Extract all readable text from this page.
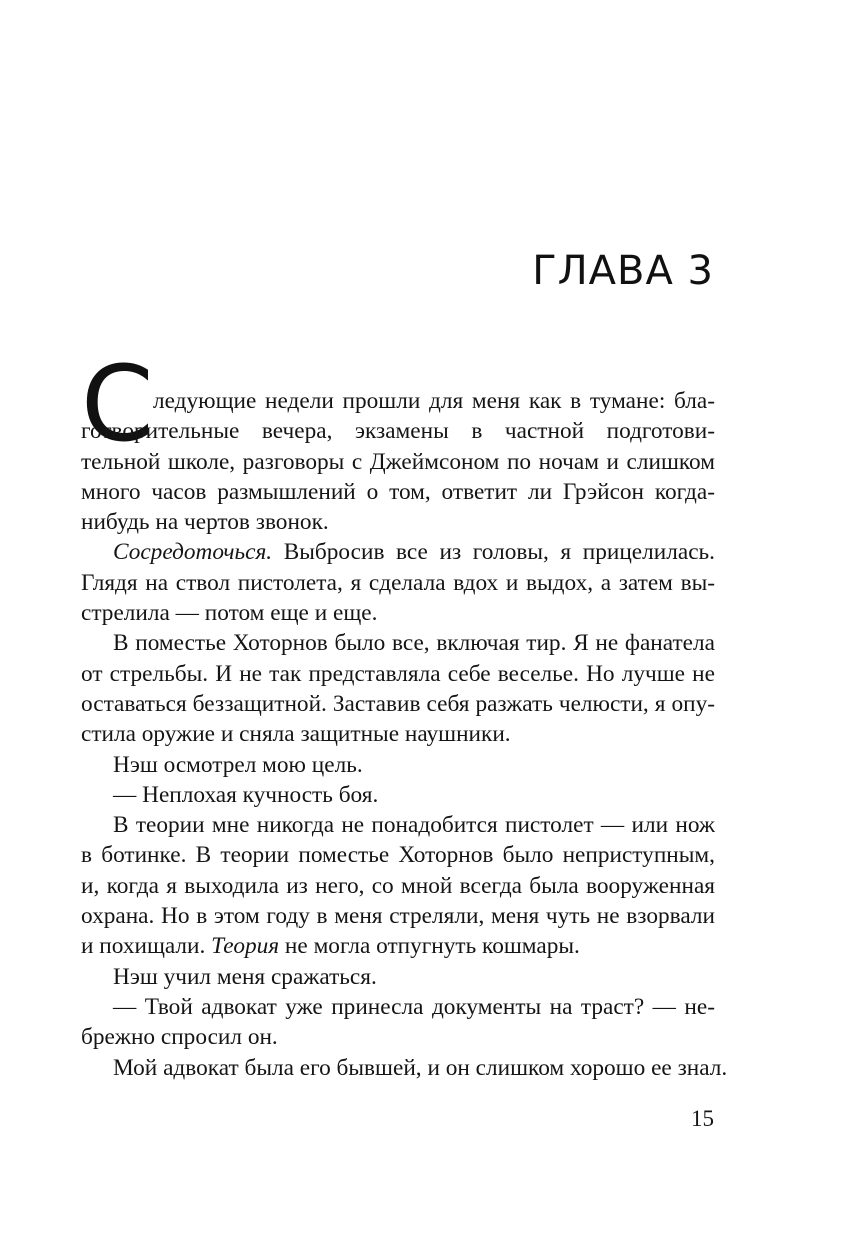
ГЛАВА 3
С ледующие недели прошли для меня как в тумане: бла-
готворительные вечера, экзамены в частной подготови-
тельной школе, разговоры с Джеймсоном по ночам и слишком
много часов размышлений о том, ответит ли Грэйсон когда-
нибудь на чертов звонок.
Сосредоточься. Выбросив все из головы, я прицелилась.
Глядя на ствол пистолета, я сделала вдох и выдох, а затем вы-
стрелила — потом еще и еще.
В поместье Хоторнов было все, включая тир. Я не фанатела
от стрельбы. И не так представляла себе веселье. Но лучше не
оставаться беззащитной. Заставив себя разжать челюсти, я опу-
стила оружие и сняла защитные наушники.
Нэш осмотрел мою цель.
— Неплохая кучность боя.
В теории мне никогда не понадобится пистолет — или нож
в ботинке. В теории поместье Хоторнов было неприступным,
и, когда я выходила из него, со мной всегда была вооруженная
охрана. Но в этом году в меня стреляли, меня чуть не взорвали
и похищали. Теория не могла отпугнуть кошмары.
Нэш учил меня сражаться.
— Твой адвокат уже принесла документы на траст? — не-
брежно спросил он.
Мой адвокат была его бывшей, и он слишком хорошо ее знал.
15
